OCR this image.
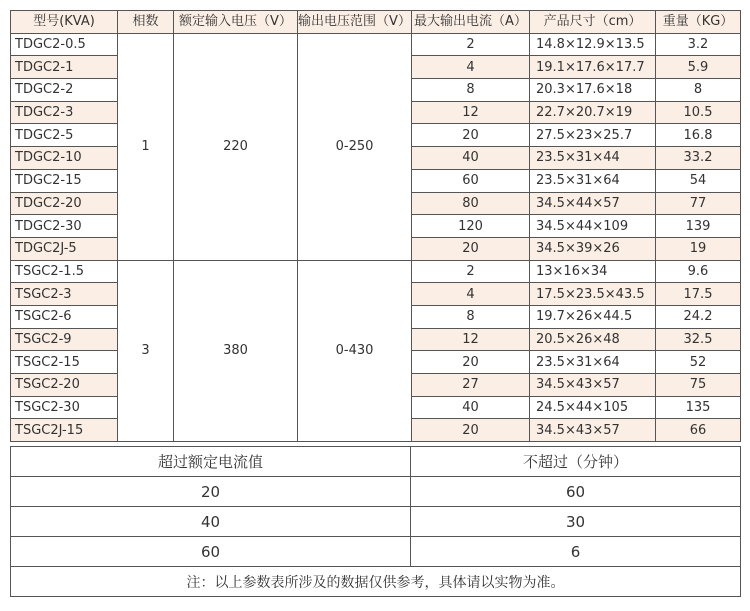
型号(KVA)	相数	额定输入电压（V）	输出电压范围（V）	最大输出电流（A）	产品尺寸（cm）	重量（KG）
TDGC2-0.5	1	220	0-250	2	14.8×12.9×13.5	3.2
TDGC2-1				4	19.1×17.6×17.7	5.9
TDGC2-2				8	20.3×17.6×18	8
TDGC2-3				12	22.7×20.7×19	10.5
TDGC2-5				20	27.5×23×25.7	16.8
TDGC2-10				40	23.5×31×44	33.2
TDGC2-15				60	23.5×31×64	54
TDGC2-20				80	34.5×44×57	77
TDGC2-30				120	34.5×44×109	139
TDGC2J-5				20	34.5×39×26	19
TSGC2-1.5	3	380	0-430	2	13×16×34	9.6
TSGC2-3				4	17.5×23.5×43.5	17.5
TSGC2-6				8	19.7×26×44.5	24.2
TSGC2-9				12	20.5×26×48	32.5
TSGC2-15				20	23.5×31×64	52
TSGC2-20				27	34.5×43×57	75
TSGC2-30				40	24.5×44×105	135
TSGC2J-15				20	34.5×43×57	66
超过额定电流值	不超过（分钟）
20	60
40	30
60	6
注：以上参数表所涉及的数据仅供参考，具体请以实物为准。	
